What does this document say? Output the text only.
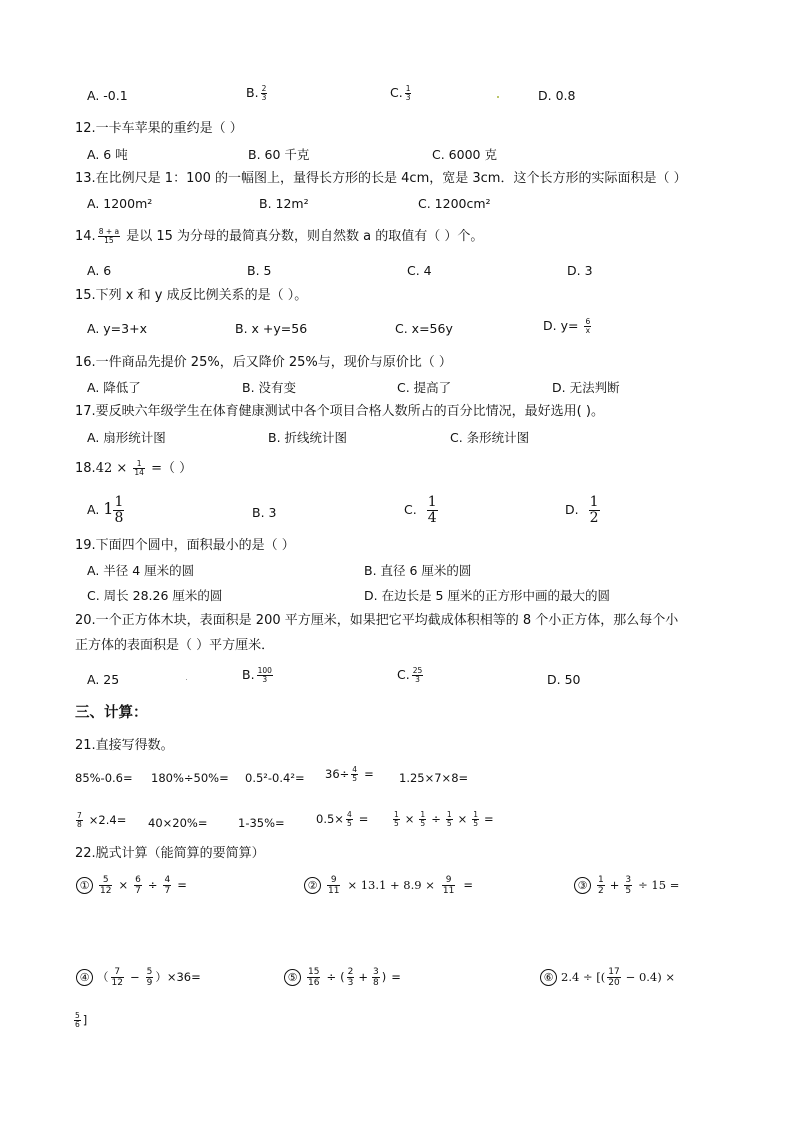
A. -0.1	B. $\frac{2}{3}$	C. $\frac{1}{3}$	D. 0.8
12.一卡车苹果的重约是（ ）
A. 6 吨	B. 60 千克	C. 6000 克
13.在比例尺是 1：100 的一幅图上，量得长方形的长是 4cm，宽是 3cm．这个长方形的实际面积是（ ）
A. 1200m²	B. 12m²	C. 1200cm²
14. $\frac{8 + a}{15}$ 是以 15 为分母的最简真分数，则自然数 a 的取值有（ ）个。
A. 6	B. 5	C. 4	D. 3
15.下列 x 和 y 成反比例关系的是（ ）。
A. y=3+x	B. x +y=56	C. x=56y	D. $y= \frac{6}{x}$
16.一件商品先提价 25%，后又降价 25%与，现价与原价比（ ）
A. 降低了	B. 没有变	C. 提高了	D. 无法判断
17.要反映六年级学生在体育健康测试中各个项目合格人数所占的百分比情况，最好选用( )。
A. 扇形统计图	B. 折线统计图	C. 条形统计图
$18.42 \times \frac{1}{14}$ =（ ）
A. $1 \frac{1}{8}$	B. 3	C. $\frac{1}{4}$	D. $\frac{1}{2}$
19.下面四个圆中，面积最小的是（ ）
A. 半径 4 厘米的圆	B. 直径 6 厘米的圆
C. 周长 28.26 厘米的圆	D. 在边长是 5 厘米的正方形中画的最大的圆
20.一个正方体木块，表面积是 200 平方厘米，如果把它平均截成体积相等的 8 个小正方体，那么每个小
正方体的表面积是（ ）平方厘米．
A. 25	B. $\frac{100}{3}$	C. $\frac{25}{3}$	D. 50
三、计算：
21.直接写得数。
$85\%-0.6= 180\%\div 50\%= 0.5^2-0.4^2= 36\div \frac{4}{5} = 1.25\times 7\times 8=$
$\frac{7}{8} \times 2.4= 40\times 20\%=$	1-35%=	$0.5\times \frac{4}{5}$ =	$\frac{1}{5} \times \frac{1}{5} \div \frac{1}{5} \times \frac{1}{5}$ =
22.脱式计算（能简算的要简算）
① $\frac{5}{12} \times \frac{6}{7} \div \frac{4}{7}$ =	② $\frac{9}{11} \times 13.1 + 8.9 \times \frac{9}{11}$ =	③ $\frac{1}{2} + \frac{3}{5} \div 15$ =
④ （ $\frac{7}{12} - \frac{5}{9} )\times 36=$	⑤ $\frac{15}{16}$ ÷ ( $\frac{2}{3} + \frac{3}{8}$ ) =	⑥ 2.4 ÷ [( $\frac{17}{20} - 0.4$) ×
$\frac{5}{6}$ ]
